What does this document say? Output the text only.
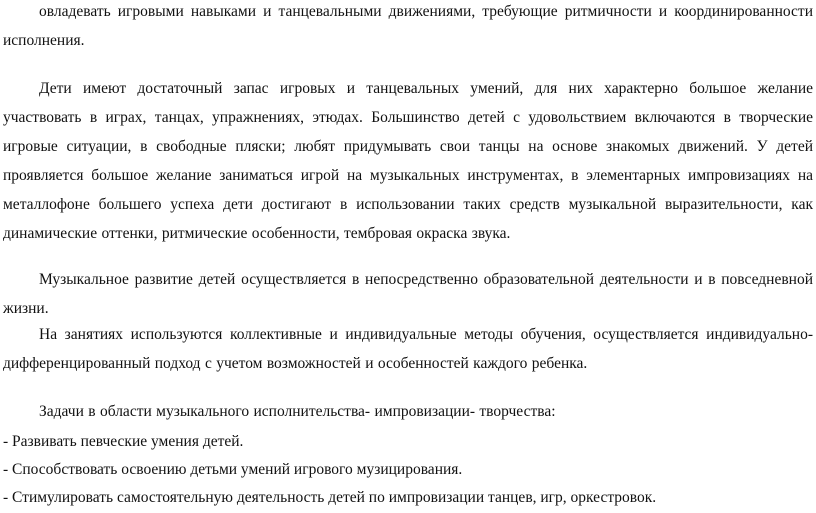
овладевать игровыми навыками и танцевальными движениями, требующие ритмичности и координированности исполнения.

Дети имеют достаточный запас игровых и танцевальных умений, для них характерно большое желание участвовать в играх, танцах, упражнениях, этюдах. Большинство детей с удовольствием включаются в творческие игровые ситуации, в свободные пляски; любят придумывать свои танцы на основе знакомых движений. У детей проявляется большое желание заниматься игрой на музыкальных инструментах, в элементарных импровизациях на металлофоне большего успеха дети достигают в использовании таких средств музыкальной выразительности, как динамические оттенки, ритмические особенности, тембровая окраска звука.

Музыкальное развитие детей осуществляется в непосредственно образовательной деятельности и в повседневной жизни.

На занятиях используются коллективные и индивидуальные методы обучения, осуществляется индивидуально-дифференцированный подход с учетом возможностей и особенностей каждого ребенка.

Задачи в области музыкального исполнительства- импровизации- творчества:

- Развивать певческие умения детей.

- Способствовать освоению детьми умений игрового музицирования.

- Стимулировать самостоятельную деятельность детей по импровизации танцев, игр, оркестровок.
